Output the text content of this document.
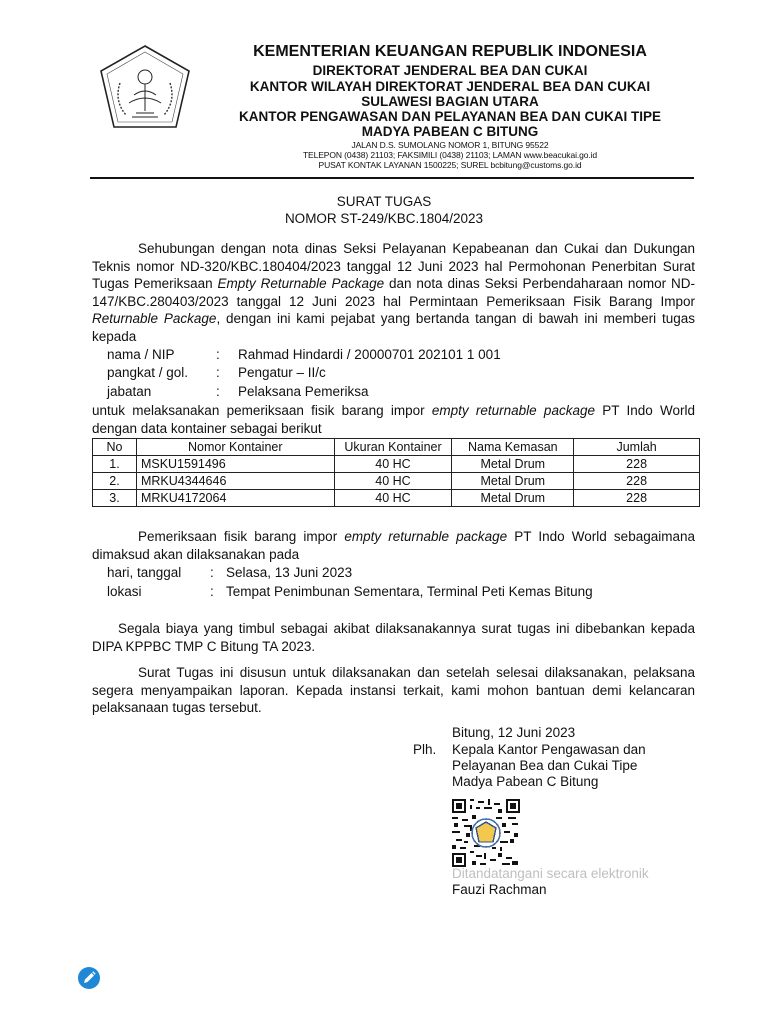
KEMENTERIAN KEUANGAN REPUBLIK INDONESIA
DIREKTORAT JENDERAL BEA DAN CUKAI
KANTOR WILAYAH DIREKTORAT JENDERAL BEA DAN CUKAI
SULAWESI BAGIAN UTARA
KANTOR PENGAWASAN DAN PELAYANAN BEA DAN CUKAI TIPE
MADYA PABEAN C BITUNG
JALAN D.S. SUMOLANG NOMOR 1, BITUNG 95522
TELEPON (0438) 21103; FAKSIMILI (0438) 21103; LAMAN www.beacukai.go.id
PUSAT KONTAK LAYANAN 1500225; SUREL bcbitung@customs.go.id
SURAT TUGAS
NOMOR ST-249/KBC.1804/2023

Sehubungan dengan nota dinas Seksi Pelayanan Kepabeanan dan Cukai dan Dukungan Teknis nomor ND-320/KBC.180404/2023 tanggal 12 Juni 2023 hal Permohonan Penerbitan Surat Tugas Pemeriksaan Empty Returnable Package dan nota dinas Seksi Perbendaharaan nomor ND-147/KBC.280403/2023 tanggal 12 Juni 2023 hal Permintaan Pemeriksaan Fisik Barang Impor Returnable Package, dengan ini kami pejabat yang bertanda tangan di bawah ini memberi tugas kepada

nama / NIP	: Rahmad Hindardi / 20000701 202101 1 001
pangkat / gol. : Pengatur – II/c
jabatan	: Pelaksana Pemeriksa

untuk melaksanakan pemeriksaan fisik barang impor empty returnable package PT Indo World dengan data kontainer sebagai berikut

No	Nomor Kontainer	Ukuran Kontainer	Nama Kemasan	Jumlah
1.	MSKU1591496	40 HC	Metal Drum	228
2.	MRKU4344646	40 HC	Metal Drum	228
3.	MRKU4172064	40 HC	Metal Drum	228

Pemeriksaan fisik barang impor empty returnable package PT Indo World sebagaimana dimaksud akan dilaksanakan pada

hari, tanggal : Selasa, 13 Juni 2023
lokasi	: Tempat Penimbunan Sementara, Terminal Peti Kemas Bitung

Segala biaya yang timbul sebagai akibat dilaksanakannya surat tugas ini dibebankan kepada DIPA KPPBC TMP C Bitung TA 2023.

Surat Tugas ini disusun untuk dilaksanakan dan setelah selesai dilaksanakan, pelaksana segera menyampaikan laporan. Kepada instansi terkait, kami mohon bantuan demi kelancaran pelaksanaan tugas tersebut.

Bitung, 12 Juni 2023
Plh. Kepala Kantor Pengawasan dan
Pelayanan Bea dan Cukai Tipe
Madya Pabean C Bitung
Ditandatangani secara elektronik
Fauzi Rachman
